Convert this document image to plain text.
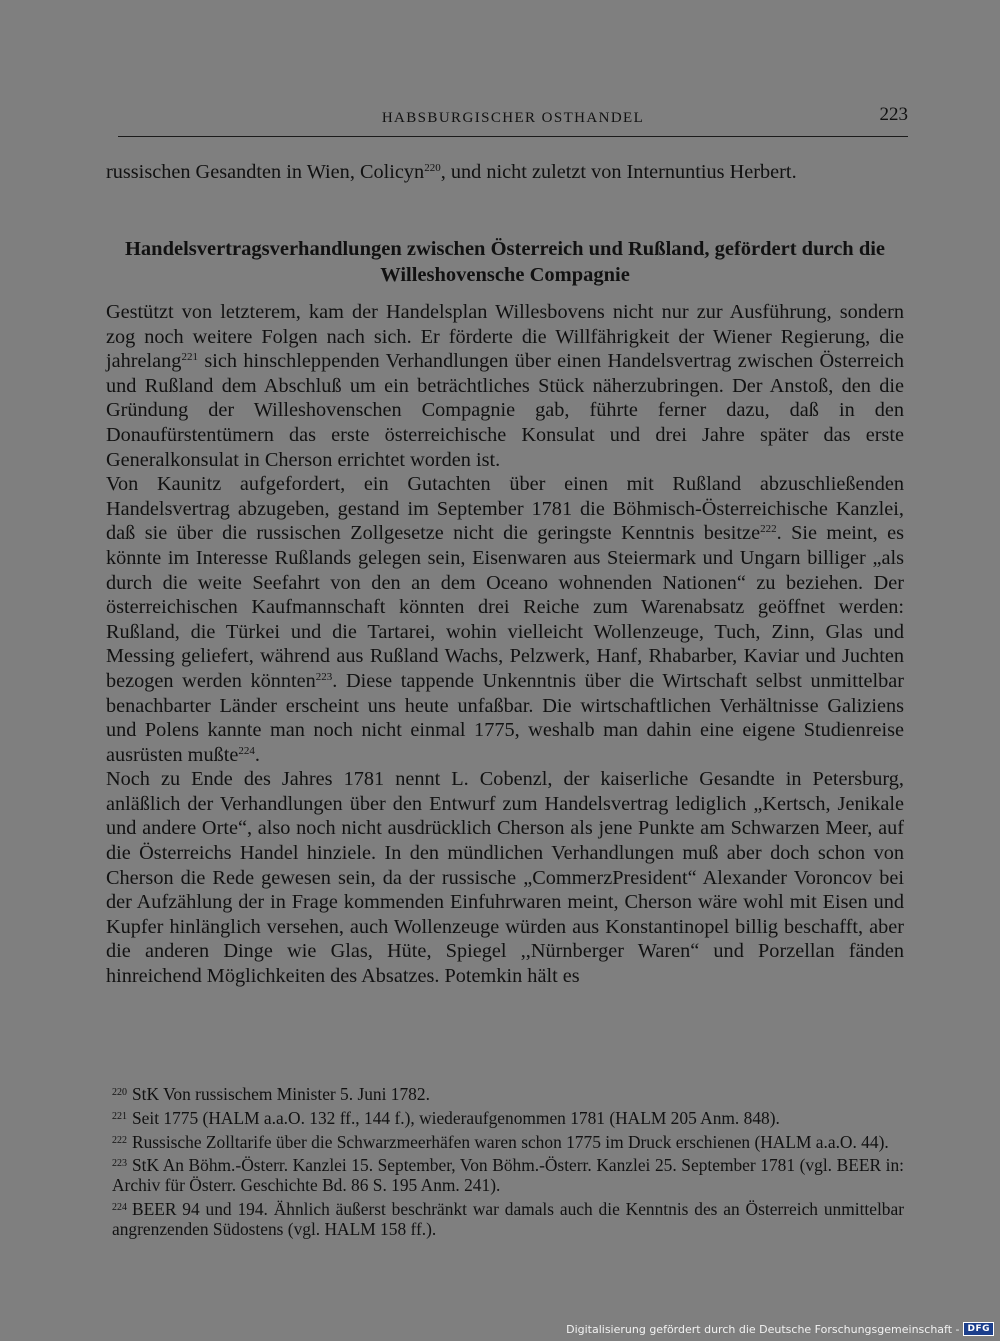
HABSBURGISCHER OSTHANDEL	223

russischen Gesandten in Wien, Colicyn$^{220}$, und nicht zuletzt von Internuntius Herbert.

Handelsvertragsverhandlungen zwischen Österreich und Rußland, gefördert durch die Willeshovensche Compagnie

Gestützt von letzterem, kam der Handelsplan Willesbovens nicht nur zur Ausführung, sondern zog noch weitere Folgen nach sich. Er förderte die Willfährigkeit der Wiener Regierung, die jahrelang$^{221}$ sich hinschleppenden Verhandlungen über einen Handelsvertrag zwischen Österreich und Rußland dem Abschluß um ein beträchtliches Stück näherzubringen. Der Anstoß, den die Gründung der Willeshovenschen Compagnie gab, führte ferner dazu, daß in den Donaufürstentümern das erste österreichische Konsulat und drei Jahre später das erste Generalkonsulat in Cherson errichtet worden ist.

Von Kaunitz aufgefordert, ein Gutachten über einen mit Rußland abzuschließenden Handelsvertrag abzugeben, gestand im September 1781 die Böhmisch-Österreichische Kanzlei, daß sie über die russischen Zollgesetze nicht die geringste Kenntnis besitze$^{222}$. Sie meint, es könnte im Interesse Rußlands gelegen sein, Eisenwaren aus Steiermark und Ungarn billiger „als durch die weite Seefahrt von den an dem Oceano wohnenden Nationen“ zu beziehen. Der österreichischen Kaufmannschaft könnten drei Reiche zum Warenabsatz geöffnet werden: Rußland, die Türkei und die Tartarei, wohin vielleicht Wollenzeuge, Tuch, Zinn, Glas und Messing geliefert, während aus Rußland Wachs, Pelzwerk, Hanf, Rhabarber, Kaviar und Juchten bezogen werden könnten$^{223}$. Diese tappende Unkenntnis über die Wirtschaft selbst unmittelbar benachbarter Länder erscheint uns heute unfaßbar. Die wirtschaftlichen Verhältnisse Galiziens und Polens kannte man noch nicht einmal 1775, weshalb man dahin eine eigene Studienreise ausrüsten mußte$^{224}$.

Noch zu Ende des Jahres 1781 nennt L. Cobenzl, der kaiserliche Gesandte in Petersburg, anläßlich der Verhandlungen über den Entwurf zum Handelsvertrag lediglich „Kertsch, Jenikale und andere Orte“, also noch nicht ausdrücklich Cherson als jene Punkte am Schwarzen Meer, auf die Österreichs Handel hinziele. In den mündlichen Verhandlungen muß aber doch schon von Cherson die Rede gewesen sein, da der russische „CommerzPresident“ Alexander Voroncov bei der Aufzählung der in Frage kommenden Einfuhrwaren meint, Cherson wäre wohl mit Eisen und Kupfer hinlänglich versehen, auch Wollenzeuge würden aus Konstantinopel billig beschafft, aber die anderen Dinge wie Glas, Hüte, Spiegel ,,Nürnberger Waren“ und Porzellan fänden hinreichend Möglichkeiten des Absatzes. Potemkin hält es

$^{220}$ StK Von russischem Minister 5. Juni 1782.

$^{221}$ Seit 1775 (HALM a.a.O. 132 ff., 144 f.), wiederaufgenommen 1781 (HALM 205 Anm. 848).

$^{222}$ Russische Zolltarife über die Schwarzmeerhäfen waren schon 1775 im Druck erschienen (HALM a.a.O. 44).

$^{223}$ StK An Böhm.-Österr. Kanzlei 15. September, Von Böhm.-Österr. Kanzlei 25. September 1781 (vgl. BEER in: Archiv für Österr. Geschichte Bd. 86 S. 195 Anm. 241).

$^{224}$ BEER 94 und 194. Ähnlich äußerst beschränkt war damals auch die Kenntnis des an Österreich unmittelbar angrenzenden Südostens (vgl. HALM 158 ff.).

Digitalisierung gefördert durch die Deutsche Forschungsgemeinschaft - DFG
